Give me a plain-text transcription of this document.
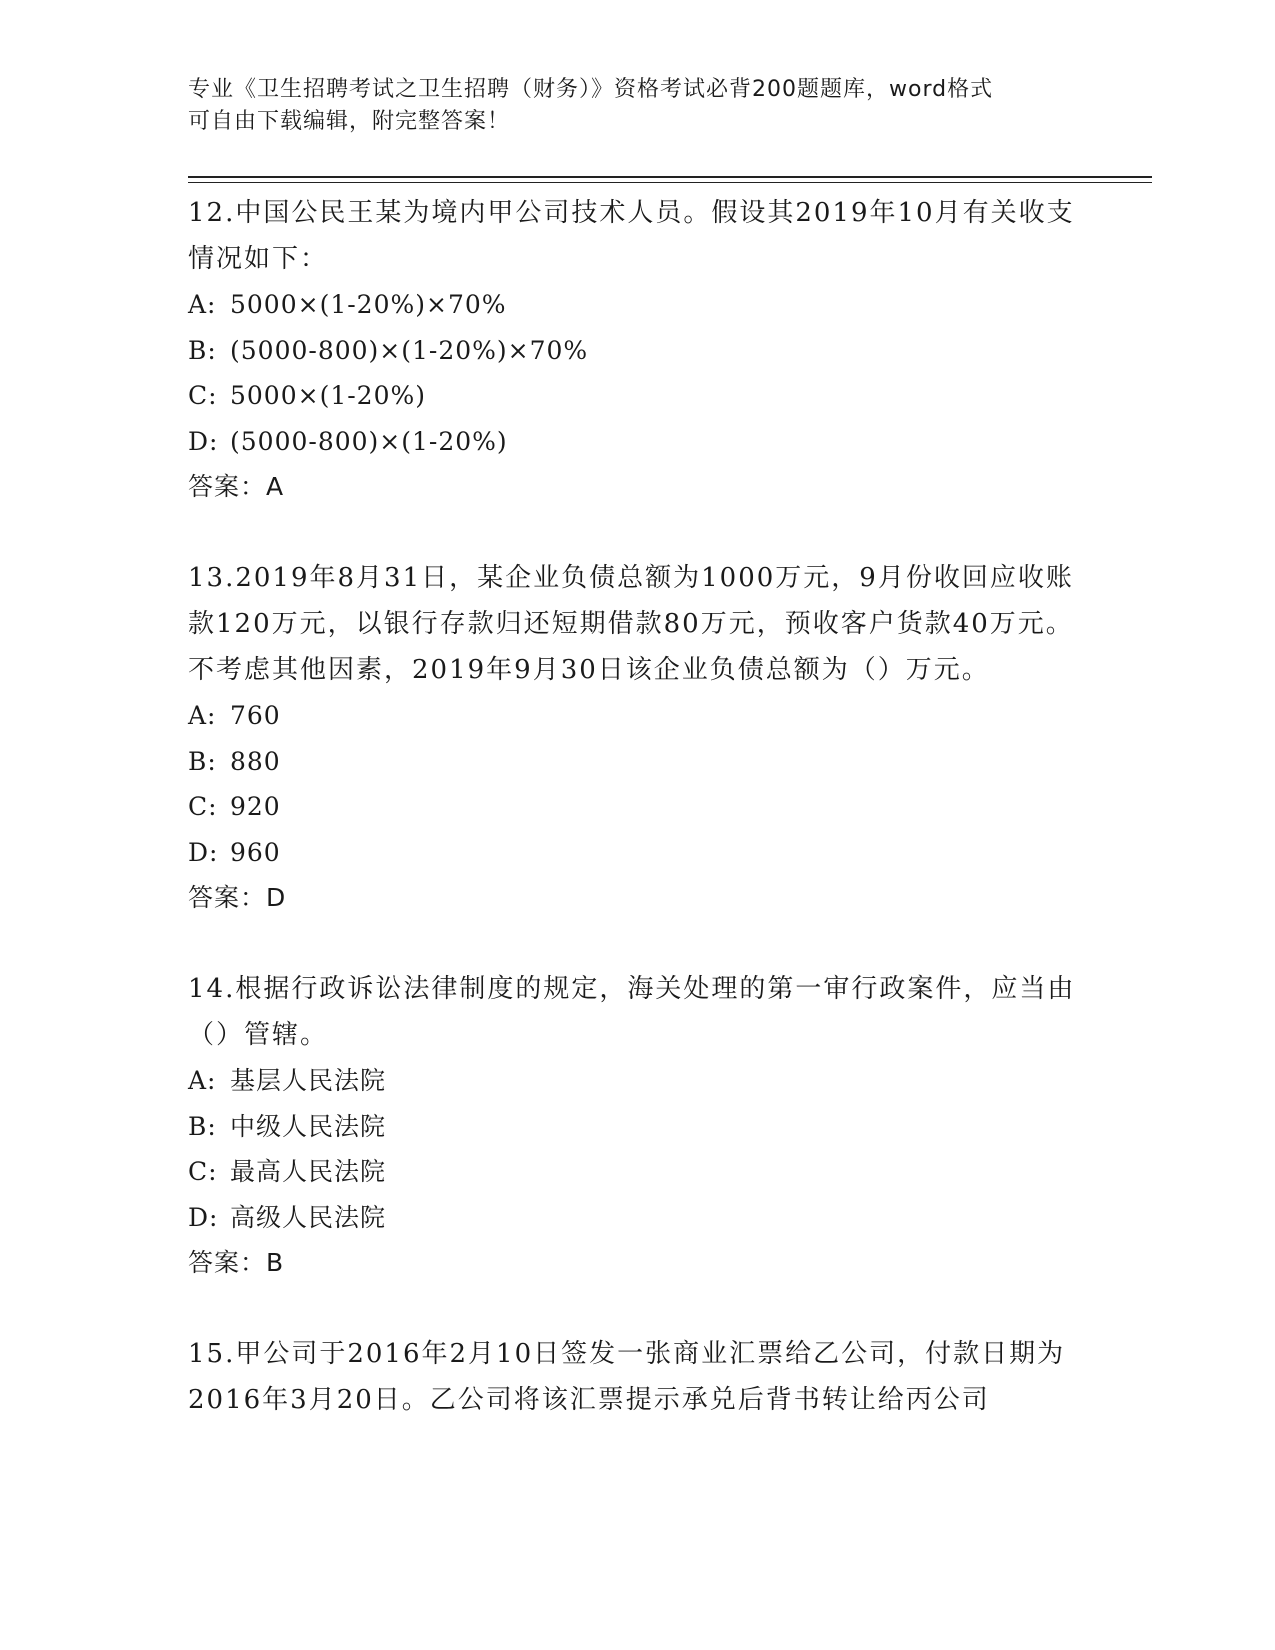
专业《卫生招聘考试之卫生招聘（财务）》资格考试必背200题题库，word格式
可自由下载编辑，附完整答案！

12.中国公民王某为境内甲公司技术人员。假设其2019年10月有关收支情况如下：

A: 5000×(1-20%)×70%
B: (5000-800)×(1-20%)×70%
C: 5000×(1-20%)
D: (5000-800)×(1-20%)
答案：A

13.2019年8月31日，某企业负债总额为1000万元，9月份收回应收账款120万元，以银行存款归还短期借款80万元，预收客户货款40万元。不考虑其他因素，2019年9月30日该企业负债总额为（）万元。

A: 760
B: 880
C: 920
D: 960
答案：D

14.根据行政诉讼法律制度的规定，海关处理的第一审行政案件，应当由（）管辖。

A: 基层人民法院
B: 中级人民法院
C: 最高人民法院
D: 高级人民法院
答案：B

15.甲公司于2016年2月10日签发一张商业汇票给乙公司，付款日期为2016年3月20日。乙公司将该汇票提示承兑后背书转让给丙公司
